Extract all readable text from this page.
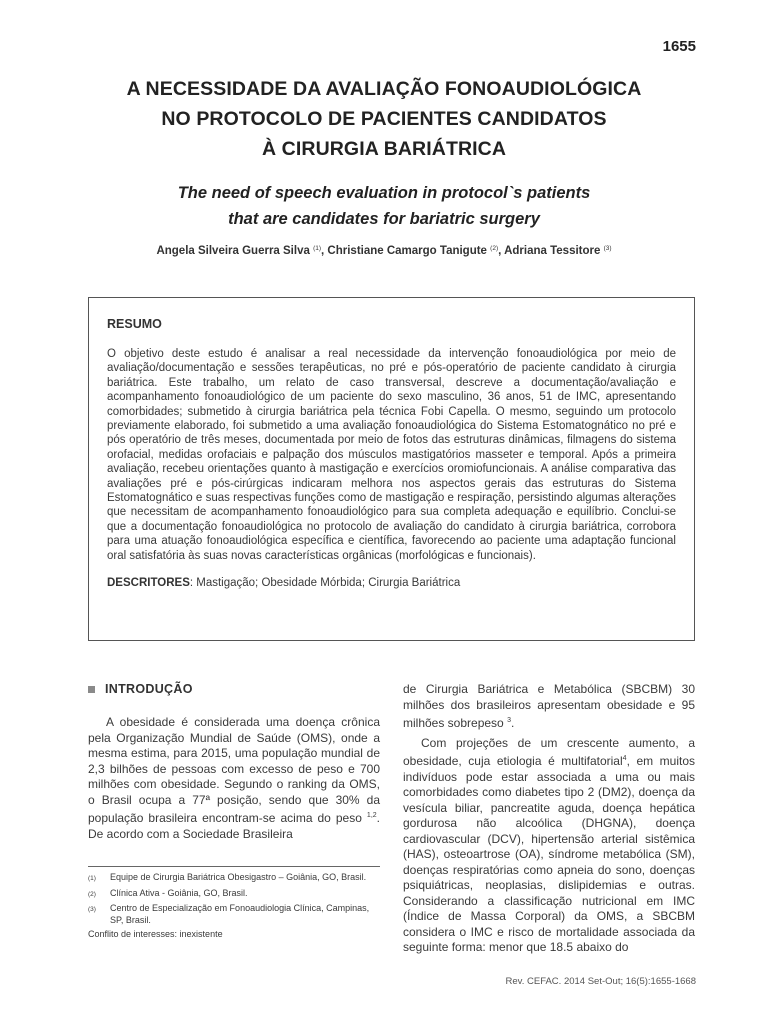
1655
A NECESSIDADE DA AVALIAÇÃO FONOAUDIOLÓGICA
NO PROTOCOLO DE PACIENTES CANDIDATOS
À CIRURGIA BARIÁTRICA
The need of speech evaluation in protocol`s patients
that are candidates for bariatric surgery
Angela Silveira Guerra Silva $^{(1)}$, Christiane Camargo Tanigute $^{(2)}$, Adriana Tessitore $^{(3)}$
RESUMO

O objetivo deste estudo é analisar a real necessidade da intervenção fonoaudiológica por meio de avaliação/documentação e sessões terapêuticas, no pré e pós-operatório de paciente candidato à cirurgia bariátrica. Este trabalho, um relato de caso transversal, descreve a documentação/avaliação e acompanhamento fonoaudiológico de um paciente do sexo masculino, 36 anos, 51 de IMC, apresentando comorbidades; submetido à cirurgia bariátrica pela técnica Fobi Capella. O mesmo, seguindo um protocolo previamente elaborado, foi submetido a uma avaliação fonoaudiológica do Sistema Estomatognático no pré e pós operatório de três meses, documentada por meio de fotos das estruturas dinâmicas, filmagens do sistema orofacial, medidas orofaciais e palpação dos músculos mastigatórios masseter e temporal. Após a primeira avaliação, recebeu orientações quanto à mastigação e exercícios oromiofuncionais. A análise comparativa das avaliações pré e pós-cirúrgicas indicaram melhora nos aspectos gerais das estruturas do Sistema Estomatognático e suas respectivas funções como de mastigação e respiração, persistindo algumas alterações que necessitam de acompanhamento fonoaudiológico para sua completa adequação e equilíbrio. Conclui-se que a documentação fonoaudiológica no protocolo de avaliação do candidato à cirurgia bariátrica, corrobora para uma atuação fonoaudiológica específica e científica, favorecendo ao paciente uma adaptação funcional oral satisfatória às suas novas características orgânicas (morfológicas e funcionais).

DESCRITORES: Mastigação; Obesidade Mórbida; Cirurgia Bariátrica

INTRODUÇÃO

A obesidade é considerada uma doença crônica pela Organização Mundial de Saúde (OMS), onde a mesma estima, para 2015, uma população mundial de 2,3 bilhões de pessoas com excesso de peso e 700 milhões com obesidade. Segundo o ranking da OMS, o Brasil ocupa a 77ª posição, sendo que 30% da população brasileira encontram-se acima do peso $^{1,2}$. De acordo com a Sociedade Brasileira

de Cirurgia Bariátrica e Metabólica (SBCBM) 30 milhões dos brasileiros apresentam obesidade e 95 milhões sobrepeso $^3$.

Com projeções de um crescente aumento, a obesidade, cuja etiologia é multifatorial$^4$, em muitos indivíduos pode estar associada a uma ou mais comorbidades como diabetes tipo 2 (DM2), doença da vesícula biliar, pancreatite aguda, doença hepática gordurosa não alcoólica (DHGNA), doença cardiovascular (DCV), hipertensão arterial sistêmica (HAS), osteoartrose (OA), síndrome metabólica (SM), doenças respiratórias como apneia do sono, doenças psiquiátricas, neoplasias, dislipidemias e outras. Considerando a classificação nutricional em IMC (Índice de Massa Corporal) da OMS, a SBCBM considera o IMC e risco de mortalidade associada da seguinte forma: menor que 18.5 abaixo do

(1)	Equipe de Cirurgia Bariátrica Obesigastro – Goiânia, GO, Brasil.
(2)	Clínica Ativa - Goiânia, GO, Brasil.
(3)	Centro de Especialização em Fonoaudiologia Clínica, Campinas, SP, Brasil.
Conflito de interesses: inexistente
Rev. CEFAC. 2014 Set-Out; 16(5):1655-1668
